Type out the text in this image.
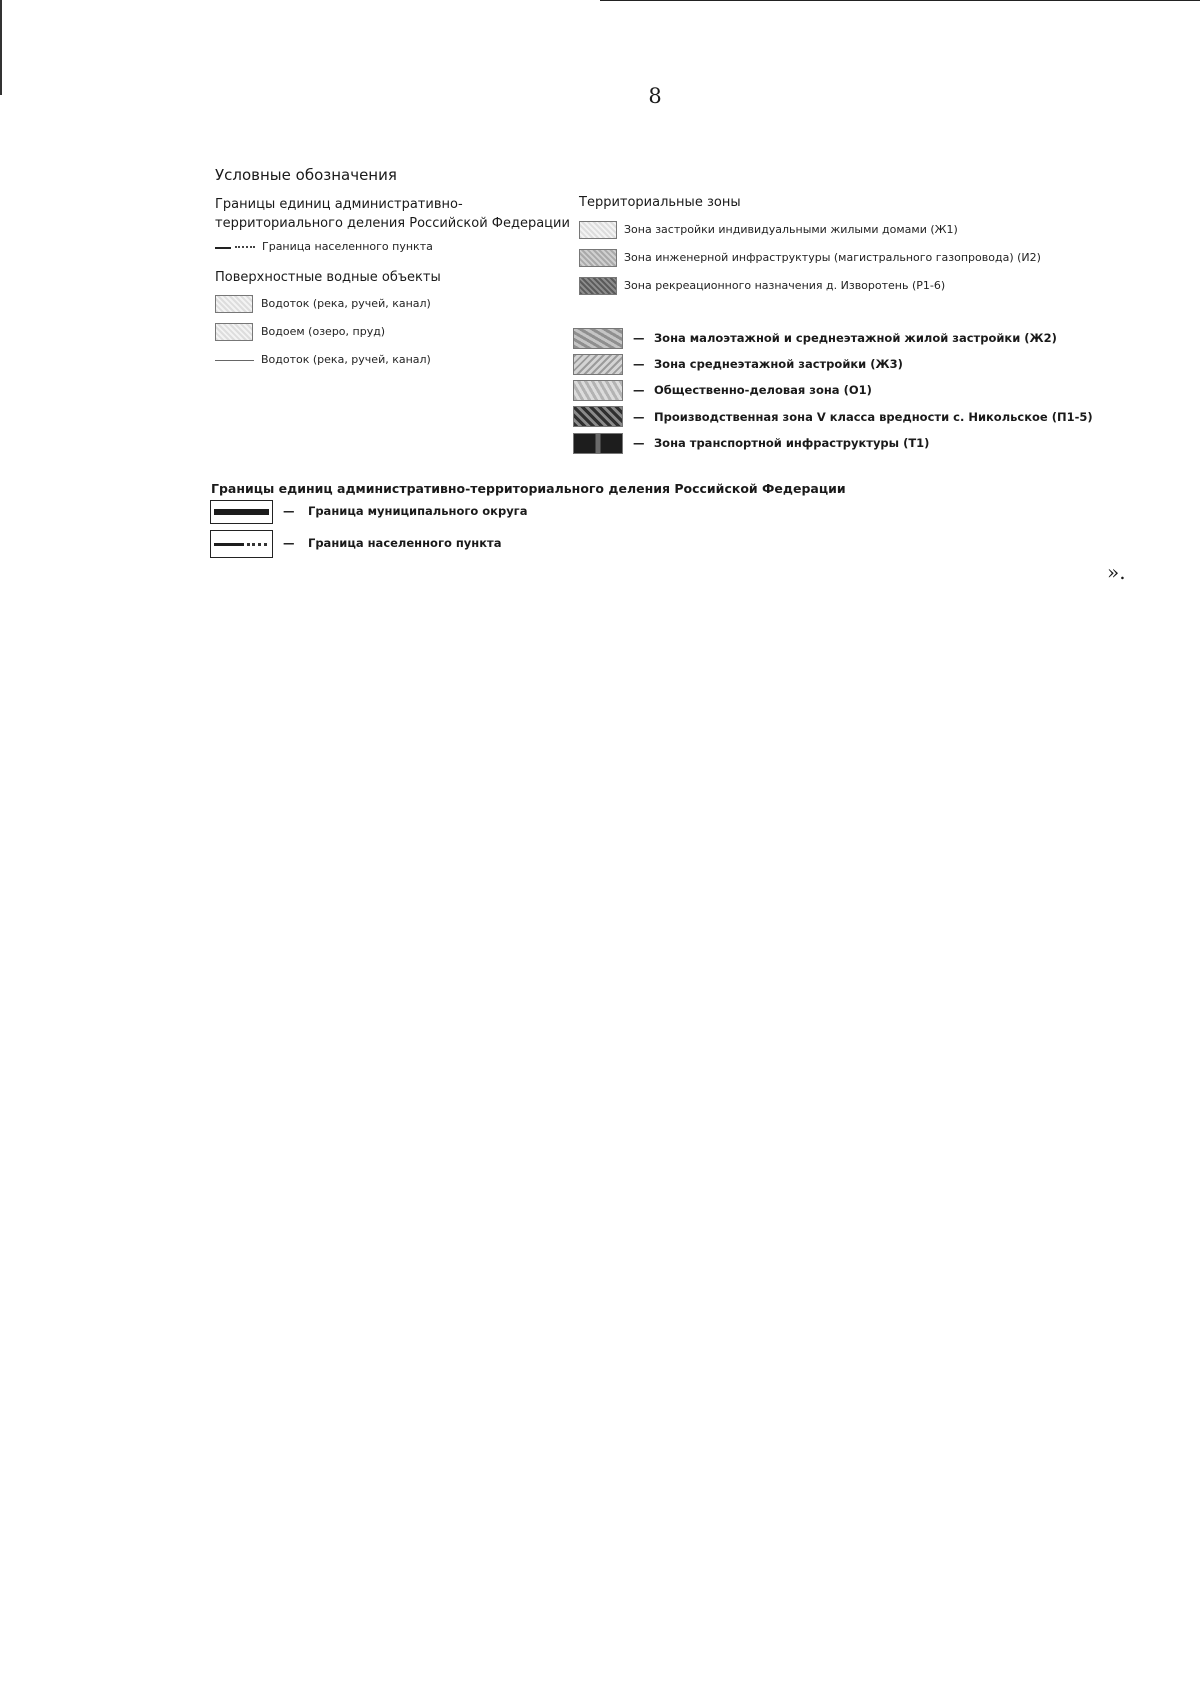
8
Условные обозначения
Границы единиц административно-территориального деления Российской Федерации
Граница населенного пункта
Поверхностные водные объекты
Водоток (река, ручей, канал)
Водоем (озеро, пруд)
Водоток (река, ручей, канал)
Территориальные зоны
Зона застройки индивидуальными жилыми домами (Ж1)
Зона инженерной инфраструктуры (магистрального газопровода) (И2)
Зона рекреационного назначения д. Изворотень (Р1-6)
— Зона малоэтажной и среднеэтажной жилой застройки (Ж2)
— Зона среднеэтажной застройки (Ж3)
— Общественно-деловая зона (О1)
— Производственная зона V класса вредности с. Никольское (П1-5)
— Зона транспортной инфраструктуры (Т1)
Границы единиц административно-территориального деления Российской Федерации
— Граница муниципального округа
— Граница населенного пункта
».
